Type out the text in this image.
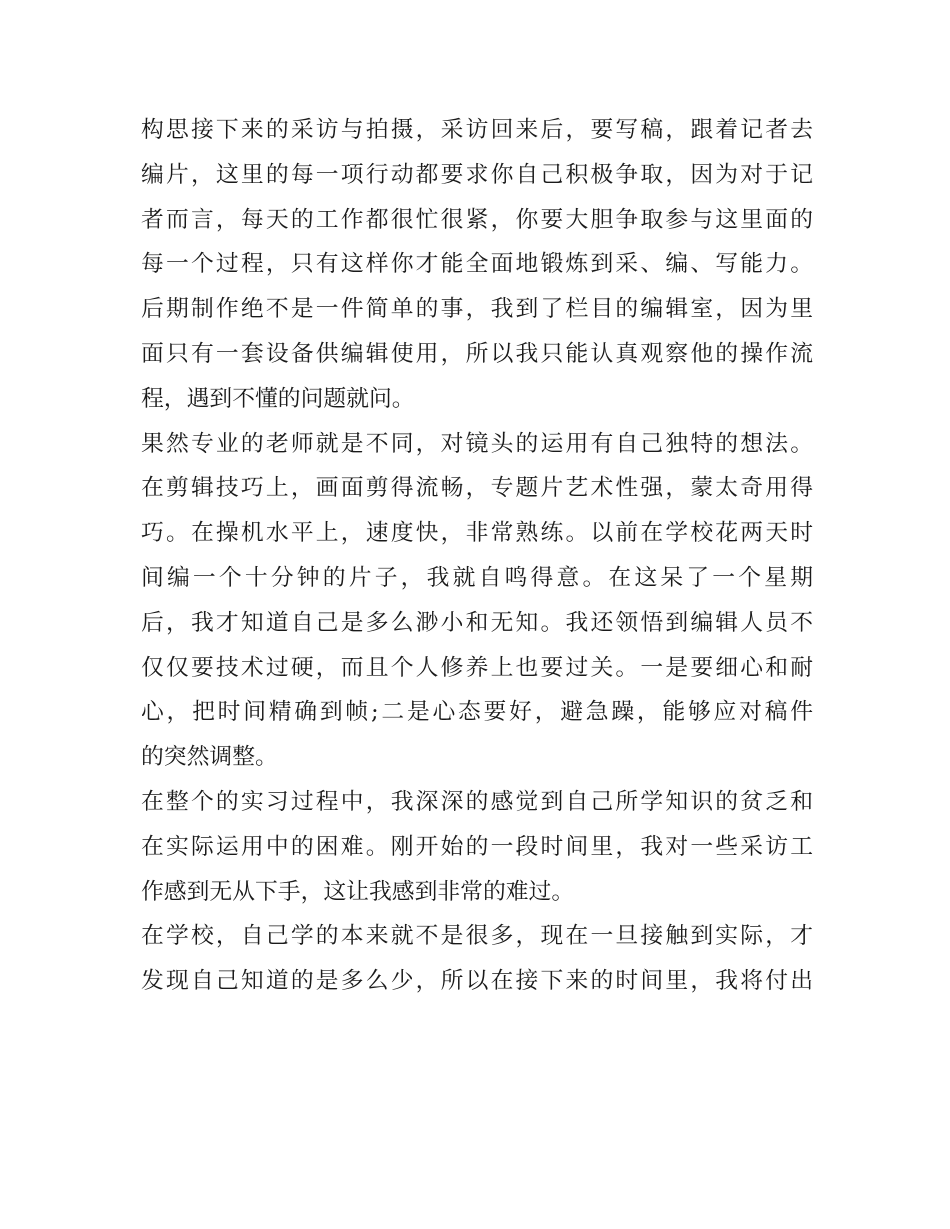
构思接下来的采访与拍摄，采访回来后，要写稿，跟着记者去
编片，这里的每一项行动都要求你自己积极争取，因为对于记
者而言，每天的工作都很忙很紧，你要大胆争取参与这里面的
每一个过程，只有这样你才能全面地锻炼到采、编、写能力。
后期制作绝不是一件简单的事，我到了栏目的编辑室，因为里
面只有一套设备供编辑使用，所以我只能认真观察他的操作流
程，遇到不懂的问题就问。
果然专业的老师就是不同，对镜头的运用有自己独特的想法。
在剪辑技巧上，画面剪得流畅，专题片艺术性强，蒙太奇用得
巧。在操机水平上，速度快，非常熟练。以前在学校花两天时
间编一个十分钟的片子，我就自鸣得意。在这呆了一个星期
后，我才知道自己是多么渺小和无知。我还领悟到编辑人员不
仅仅要技术过硬，而且个人修养上也要过关。一是要细心和耐
心，把时间精确到帧;二是心态要好，避急躁，能够应对稿件
的突然调整。
在整个的实习过程中，我深深的感觉到自己所学知识的贫乏和
在实际运用中的困难。刚开始的一段时间里，我对一些采访工
作感到无从下手，这让我感到非常的难过。
在学校，自己学的本来就不是很多，现在一旦接触到实际，才
发现自己知道的是多么少，所以在接下来的时间里，我将付出
